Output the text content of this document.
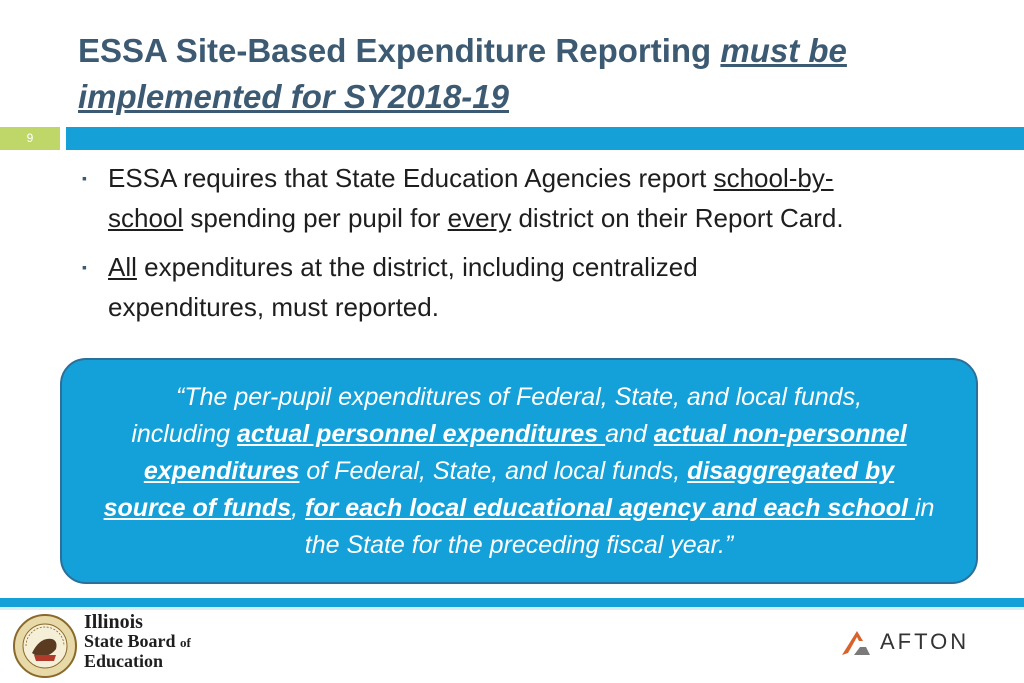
ESSA Site-Based Expenditure Reporting must be
implemented for SY2018-19
9
▪ ESSA requires that State Education Agencies report school-by-
school spending per pupil for every district on their Report Card.
▪ All expenditures at the district, including centralized
expenditures, must reported.
“The per-pupil expenditures of Federal, State, and local funds,
including actual personnel expenditures and actual non-personnel
expenditures of Federal, State, and local funds, disaggregated by
source of funds, for each local educational agency and each school in
the State for the preceding fiscal year.”
Illinois
State Board of
Education
AFTON
